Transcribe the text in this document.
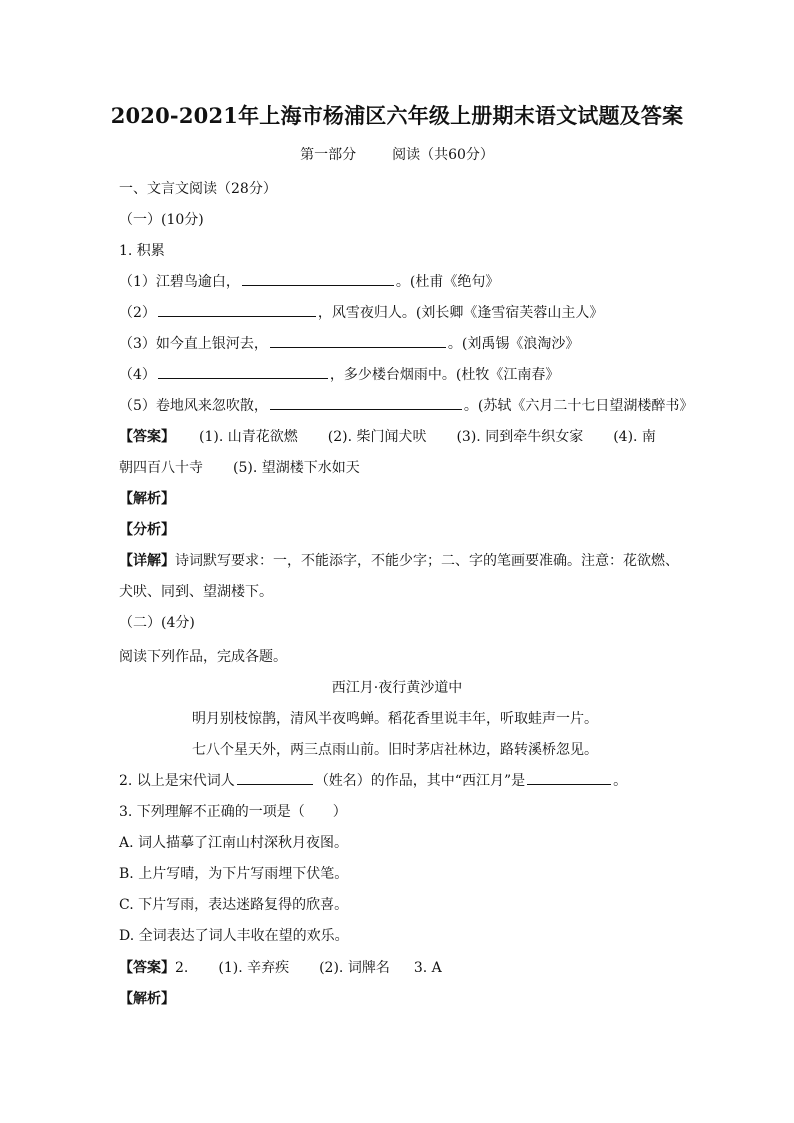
2020-2021年上海市杨浦区六年级上册期末语文试题及答案
第一部分	阅读（共60分）
一、文言文阅读（28分）
（一）(10分)
1. 积累
（1）江碧鸟逾白，	。(杜甫《绝句》
（2）	，风雪夜归人。(刘长卿《逢雪宿芙蓉山主人》
（3）如今直上银河去，	。(刘禹锡《浪淘沙》
（4）	，多少楼台烟雨中。(杜牧《江南春》
（5）卷地风来忽吹散，	。(苏轼《六月二十七日望湖楼醉书》
【答案】 (1). 山青花欲燃 (2). 柴门闻犬吠 (3). 同到牵牛织女家 (4). 南
朝四百八十寺 (5). 望湖楼下水如天
【解析】
【分析】
【详解】诗词默写要求：一，不能添字，不能少字；二、字的笔画要准确。注意：花欲燃、
犬吠、同到、望湖楼下。
（二）(4分)
阅读下列作品，完成各题。
西江月·夜行黄沙道中
明月别枝惊鹊，清风半夜鸣蝉。稻花香里说丰年，听取蛙声一片。
七八个星天外，两三点雨山前。旧时茅店社林边，路转溪桥忽见。
2. 以上是宋代词人	（姓名）的作品，其中“西江月”是	。
3. 下列理解不正确的一项是（　　）
A. 词人描摹了江南山村深秋月夜图。
B. 上片写晴，为下片写雨埋下伏笔。
C. 下片写雨，表达迷路复得的欣喜。
D. 全词表达了词人丰收在望的欢乐。
【答案】2. (1). 辛弃疾 (2). 词牌名 3. A
【解析】
